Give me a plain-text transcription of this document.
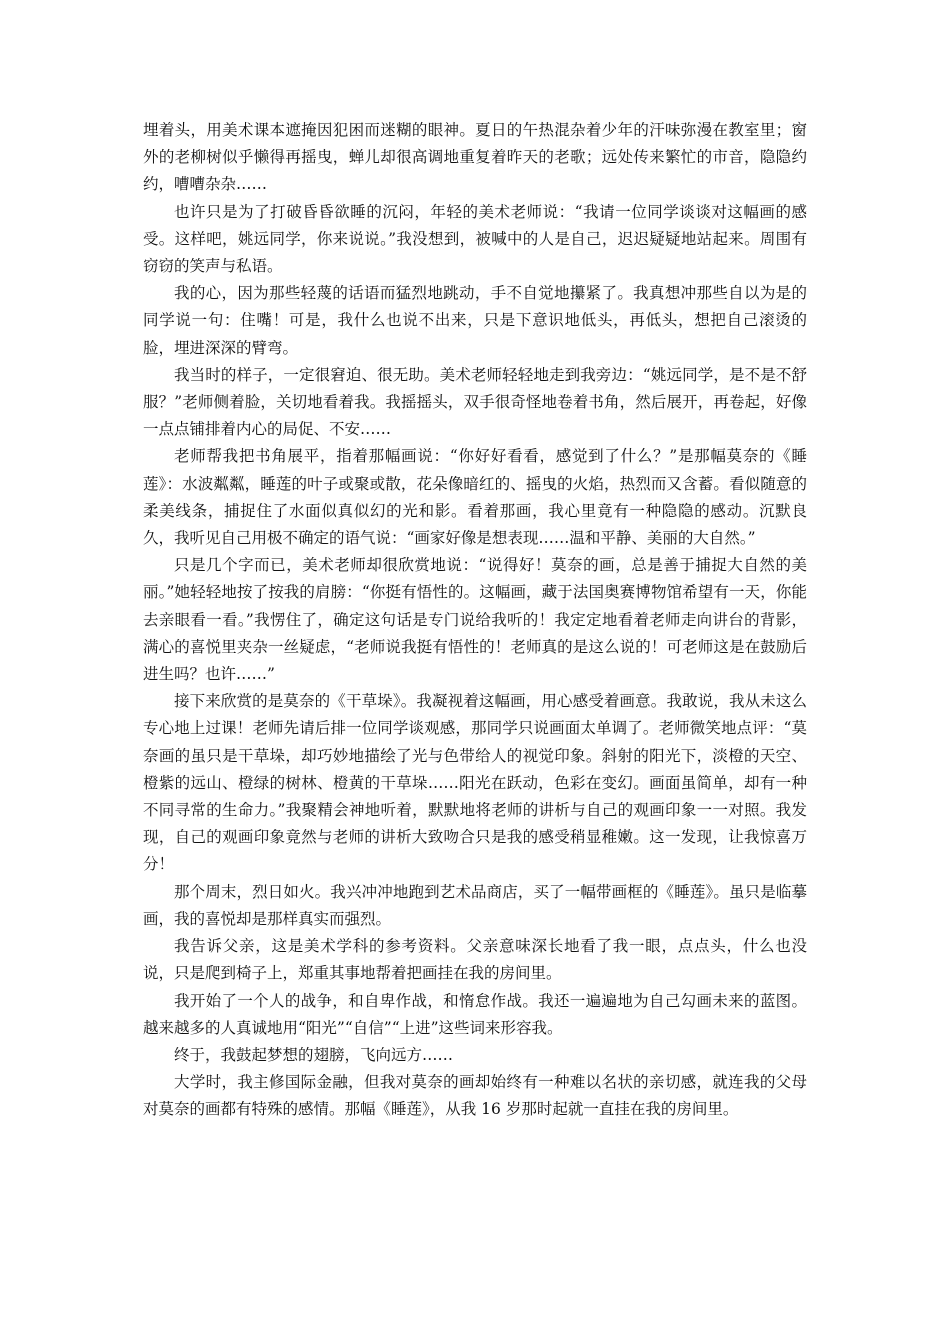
埋着头，用美术课本遮掩因犯困而迷糊的眼神。夏日的午热混杂着少年的汗味弥漫在教室里；窗外的老柳树似乎懒得再摇曳，蝉儿却很高调地重复着昨天的老歌；远处传来繁忙的市音，隐隐约约，嘈嘈杂杂……

也许只是为了打破昏昏欲睡的沉闷，年轻的美术老师说：“我请一位同学谈谈对这幅画的感受。这样吧，姚远同学，你来说说。”我没想到，被喊中的人是自己，迟迟疑疑地站起来。周围有窃窃的笑声与私语。

我的心，因为那些轻蔑的话语而猛烈地跳动，手不自觉地攥紧了。我真想冲那些自以为是的同学说一句：住嘴！可是，我什么也说不出来，只是下意识地低头，再低头，想把自己滚烫的脸，埋进深深的臂弯。

我当时的样子，一定很窘迫、很无助。美术老师轻轻地走到我旁边：“姚远同学，是不是不舒服？”老师侧着脸，关切地看着我。我摇摇头，双手很奇怪地卷着书角，然后展开，再卷起，好像一点点铺排着内心的局促、不安……

老师帮我把书角展平，指着那幅画说：“你好好看看，感觉到了什么？”是那幅莫奈的《睡莲》：水波粼粼，睡莲的叶子或聚或散，花朵像暗红的、摇曳的火焰，热烈而又含蓄。看似随意的柔美线条，捕捉住了水面似真似幻的光和影。看着那画，我心里竟有一种隐隐的感动。沉默良久，我听见自己用极不确定的语气说：“画家好像是想表现……温和平静、美丽的大自然。”

只是几个字而已，美术老师却很欣赏地说：“说得好！莫奈的画，总是善于捕捉大自然的美丽。”她轻轻地按了按我的肩膀：“你挺有悟性的。这幅画，藏于法国奥赛博物馆希望有一天，你能去亲眼看一看。”我愣住了，确定这句话是专门说给我听的！我定定地看着老师走向讲台的背影，满心的喜悦里夹杂一丝疑虑，“老师说我挺有悟性的！老师真的是这么说的！可老师这是在鼓励后进生吗？也许……”

接下来欣赏的是莫奈的《干草垛》。我凝视着这幅画，用心感受着画意。我敢说，我从未这么专心地上过课！老师先请后排一位同学谈观感，那同学只说画面太单调了。老师微笑地点评：“莫奈画的虽只是干草垛，却巧妙地描绘了光与色带给人的视觉印象。斜射的阳光下，淡橙的天空、橙紫的远山、橙绿的树林、橙黄的干草垛……阳光在跃动，色彩在变幻。画面虽简单，却有一种不同寻常的生命力。”我聚精会神地听着，默默地将老师的讲析与自己的观画印象一一对照。我发现，自己的观画印象竟然与老师的讲析大致吻合只是我的感受稍显稚嫩。这一发现，让我惊喜万分！

那个周末，烈日如火。我兴冲冲地跑到艺术品商店，买了一幅带画框的《睡莲》。虽只是临摹画，我的喜悦却是那样真实而强烈。

我告诉父亲，这是美术学科的参考资料。父亲意味深长地看了我一眼，点点头，什么也没说，只是爬到椅子上，郑重其事地帮着把画挂在我的房间里。

我开始了一个人的战争，和自卑作战，和惰怠作战。我还一遍遍地为自己勾画未来的蓝图。越来越多的人真诚地用“阳光”“自信”“上进”这些词来形容我。

终于，我鼓起梦想的翅膀，飞向远方……

大学时，我主修国际金融，但我对莫奈的画却始终有一种难以名状的亲切感，就连我的父母对莫奈的画都有特殊的感情。那幅《睡莲》，从我 16 岁那时起就一直挂在我的房间里。
